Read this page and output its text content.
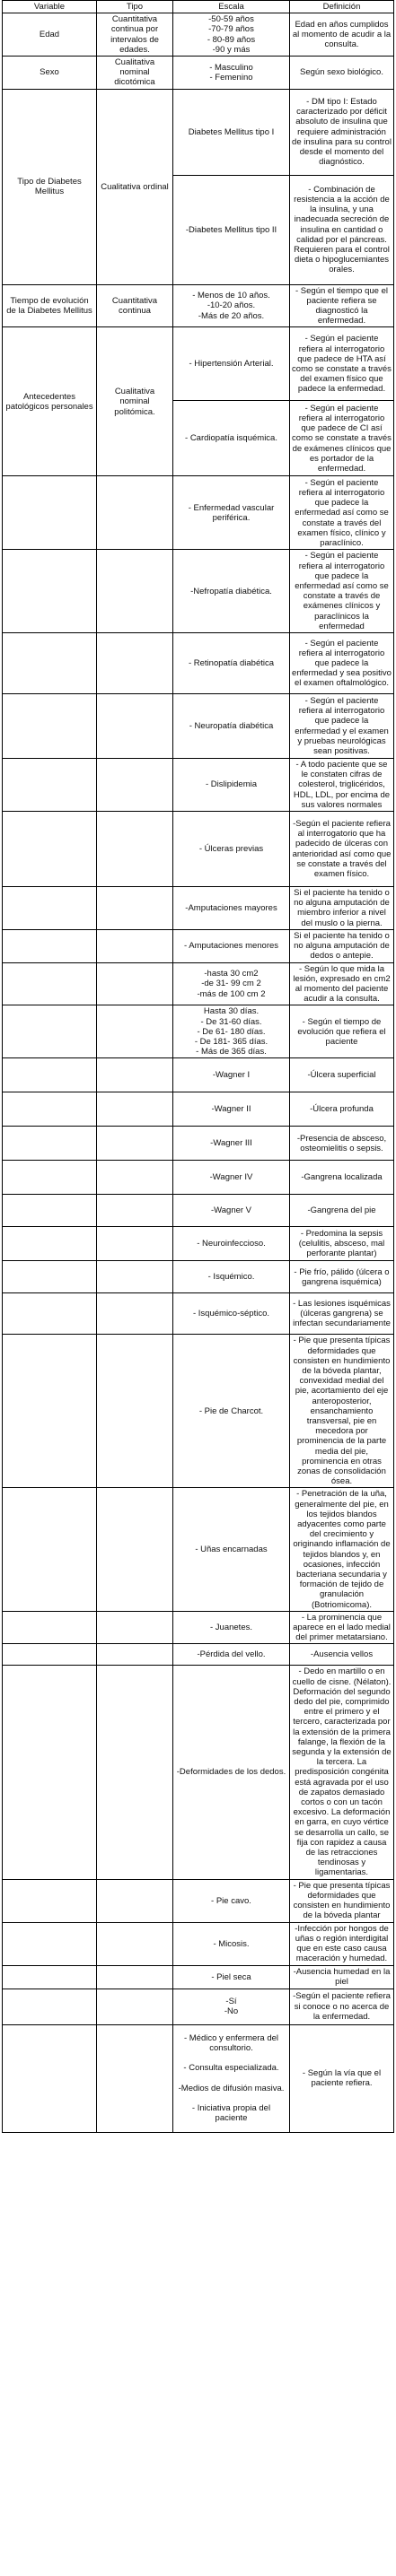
Variable	Tipo	Escala	Definición
Edad	Cuantitativa continua por intervalos de edades.	-50-59 años
-70-79 años
- 80-89 años
-90 y más	Edad en años cumplidos al momento de acudir a la consulta.
Sexo	Cualitativa nominal dicotómica	- Masculino
- Femenino	Según sexo biológico.
Tipo de Diabetes Mellitus	Cualitativa ordinal	Diabetes Mellitus tipo I	- DM tipo I: Estado caracterizado por déficit absoluto de insulina que requiere administración de insulina para su control desde el momento del diagnóstico.
		-Diabetes Mellitus tipo II	- Combinación de resistencia a la acción de la insulina, y una inadecuada secreción de insulina en cantidad o calidad por el páncreas. Requieren para el control dieta o hipoglucemiantes orales.
Tiempo de evolución de la Diabetes Mellitus	Cuantitativa continua	- Menos de 10 años.
-10-20 años.
-Más de 20 años.	- Según el tiempo que el paciente refiera se diagnosticó la enfermedad.
Antecedentes patológicos personales	Cualitativa nominal politómica.	- Hipertensión Arterial.	- Según el paciente refiera al interrogatorio que padece de HTA así como se constate a través del examen físico que padece la enfermedad.
		- Cardiopatía isquémica.	- Según el paciente refiera al interrogatorio que padece de CI así como se constate a través de exámenes clínicos que es portador de la enfermedad.
		- Enfermedad vascular periférica.	- Según el paciente refiera al interrogatorio que padece la enfermedad así como se constate a través del examen físico, clínico y paraclínico.
		-Nefropatía diabética.	- Según el paciente refiera al interrogatorio que padece la enfermedad así como se constate a través de exámenes clínicos y paraclínicos la enfermedad
		- Retinopatía diabética	- Según el paciente refiera al interrogatorio que padece la enfermedad y sea positivo el examen oftalmológico.
		- Neuropatía diabética	- Según el paciente refiera al interrogatorio que padece la enfermedad y el examen y pruebas neurológicas sean positivas.
		- Dislipidemia	- A todo paciente que se le constaten cifras de colesterol, triglicéridos, HDL, LDL, por encima de sus valores normales
		- Úlceras previas	-Según el paciente refiera al interrogatorio que ha padecido de úlceras con anterioridad así como que se constate a través del examen físico.
		-Amputaciones mayores	Si el paciente ha tenido o no alguna amputación de miembro inferior a nivel del muslo o la pierna.
		- Amputaciones menores	Si el paciente ha tenido o no alguna amputación de dedos o antepie.
		-hasta 30 cm2
-de 31- 99 cm 2
-más de 100 cm 2	- Según lo que mida la lesión, expresado en cm2 al momento del paciente acudir a la consulta.
		Hasta 30 días.
- De 31-60 días.
- De 61- 180 días.
- De 181- 365 días.
- Más de 365 días.	- Según el tiempo de evolución que refiera el paciente
		-Wagner I	-Úlcera superficial
		-Wagner II	-Úlcera profunda
		-Wagner III	-Presencia de absceso, osteomielitis o sepsis.
		-Wagner IV	-Gangrena localizada
		-Wagner V	-Gangrena del pie
		- Neuroinfeccioso.	- Predomina la sepsis (celulitis, absceso, mal perforante plantar)
		- Isquémico.	- Pie frío, pálido (úlcera o gangrena isquémica)
		- Isquémico-séptico.	- Las lesiones isquémicas (úlceras gangrena) se infectan secundariamente
		- Pie de Charcot.	- Pie que presenta típicas deformidades que consisten en hundimiento de la bóveda plantar, convexidad medial del pie, acortamiento del eje anteroposterior, ensanchamiento transversal, pie en mecedora por prominencia de la parte media del pie, prominencia en otras zonas de consolidación ósea.
		- Uñas encarnadas	- Penetración de la uña, generalmente del pie, en los tejidos blandos adyacentes como parte del crecimiento y originando inflamación de tejidos blandos y, en ocasiones, infección bacteriana secundaria y formación de tejido de granulación (Botriomicoma).
		- Juanetes.	- La prominencia que aparece en el lado medial del primer metatarsiano.
		-Pérdida del vello.	-Ausencia vellos
		-Deformidades de los dedos.	- Dedo en martillo o en cuello de cisne. (Nélaton). Deformación del segundo dedo del pie, comprimido entre el primero y el tercero, caracterizada por la extensión de la primera falange, la flexión de la segunda y la extensión de la tercera. La predisposición congénita está agravada por el uso de zapatos demasiado cortos o con un tacón excesivo. La deformación en garra, en cuyo vértice se desarrolla un callo, se fija con rapidez a causa de las retracciones tendinosas y ligamentarias.
		- Pie cavo.	- Pie que presenta típicas deformidades que consisten en hundimiento de la bóveda plantar
		- Micosis.	-Infección por hongos de uñas o región interdigital que en este caso causa maceración y humedad.
		- Piel seca	-Ausencia humedad en la piel
		-Sí
-No	-Según el paciente refiera si conoce o no acerca de la enfermedad.
		- Médico y enfermera del consultorio.

- Consulta especializada.

-Medios de difusión masiva.

- Iniciativa propia del paciente	- Según la vía que el paciente refiera.
